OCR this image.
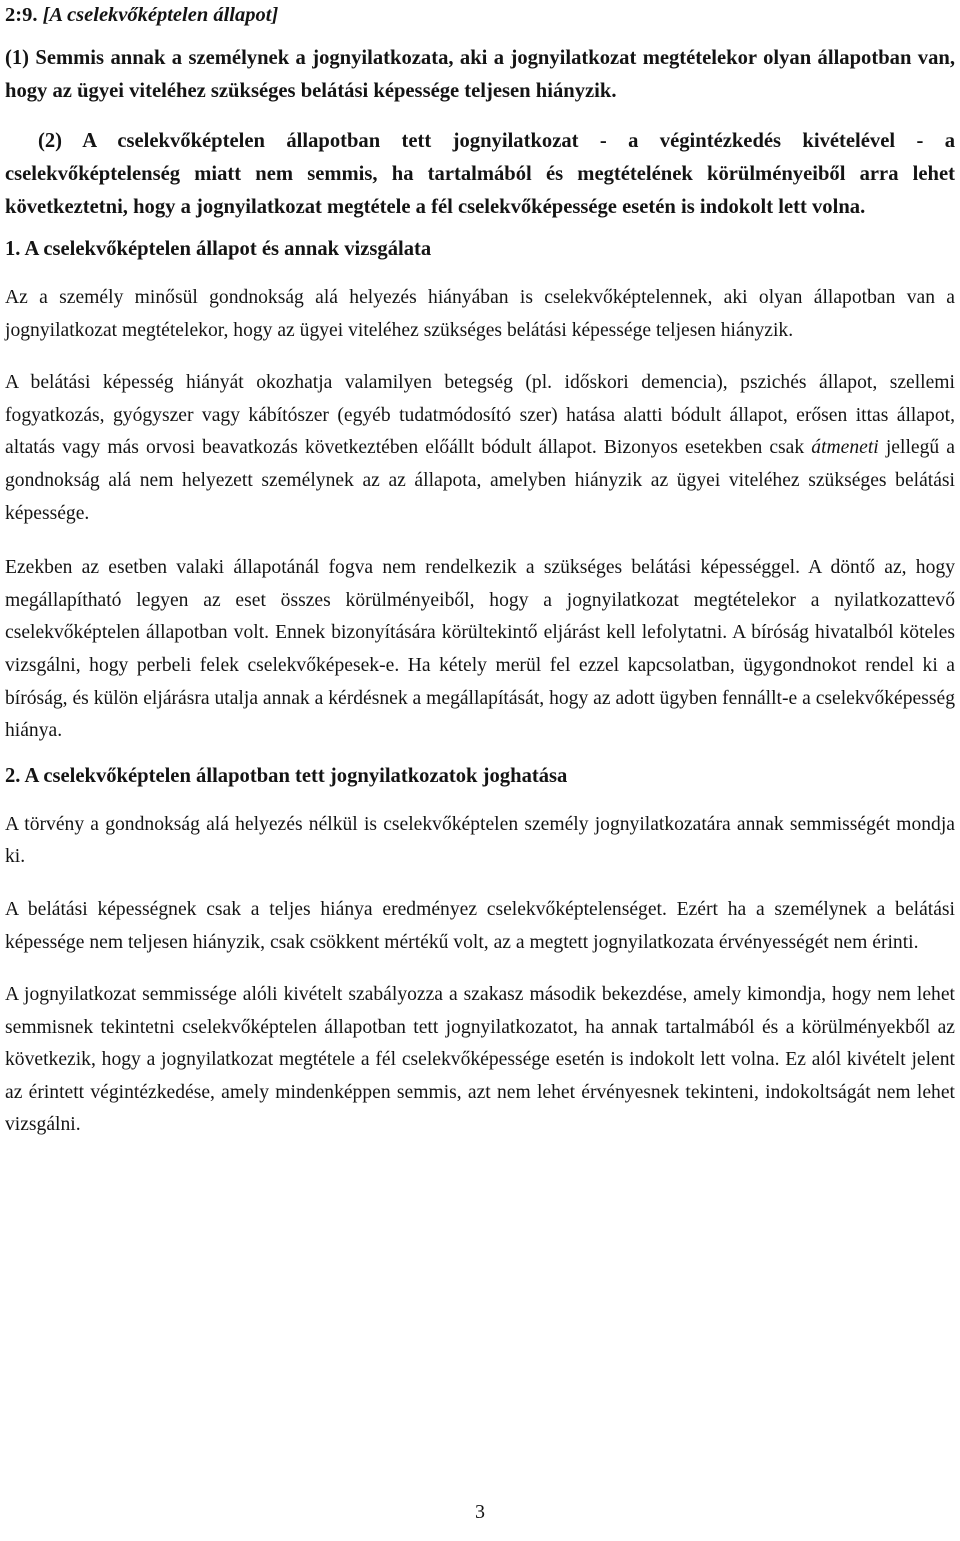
2:9. [A cselekvőképtelen állapot]

(1) Semmis annak a személynek a jognyilatkozata, aki a jognyilatkozat megtételekor olyan állapotban van, hogy az ügyei viteléhez szükséges belátási képessége teljesen hiányzik.

(2) A cselekvőképtelen állapotban tett jognyilatkozat - a végintézkedés kivételével - a cselekvőképtelenség miatt nem semmis, ha tartalmából és megtételének körülményeiből arra lehet következtetni, hogy a jognyilatkozat megtétele a fél cselekvőképessége esetén is indokolt lett volna.

1. A cselekvőképtelen állapot és annak vizsgálata

Az a személy minősül gondnokság alá helyezés hiányában is cselekvőképtelennek, aki olyan állapotban van a jognyilatkozat megtételekor, hogy az ügyei viteléhez szükséges belátási képessége teljesen hiányzik.

A belátási képesség hiányát okozhatja valamilyen betegség (pl. időskori demencia), pszichés állapot, szellemi fogyatkozás, gyógyszer vagy kábítószer (egyéb tudatmódosító szer) hatása alatti bódult állapot, erősen ittas állapot, altatás vagy más orvosi beavatkozás következtében előállt bódult állapot. Bizonyos esetekben csak átmeneti jellegű a gondnokság alá nem helyezett személynek az az állapota, amelyben hiányzik az ügyei viteléhez szükséges belátási képessége.

Ezekben az esetben valaki állapotánál fogva nem rendelkezik a szükséges belátási képességgel. A döntő az, hogy megállapítható legyen az eset összes körülményeiből, hogy a jognyilatkozat megtételekor a nyilatkozattevő cselekvőképtelen állapotban volt. Ennek bizonyítására körültekintő eljárást kell lefolytatni. A bíróság hivatalból köteles vizsgálni, hogy perbeli felek cselekvőképesek-e. Ha kétely merül fel ezzel kapcsolatban, ügygondnokot rendel ki a bíróság, és külön eljárásra utalja annak a kérdésnek a megállapítását, hogy az adott ügyben fennállt-e a cselekvőképesség hiánya.

2. A cselekvőképtelen állapotban tett jognyilatkozatok joghatása

A törvény a gondnokság alá helyezés nélkül is cselekvőképtelen személy jognyilatkozatára annak semmisségét mondja ki.

A belátási képességnek csak a teljes hiánya eredményez cselekvőképtelenséget. Ezért ha a személynek a belátási képessége nem teljesen hiányzik, csak csökkent mértékű volt, az a megtett jognyilatkozata érvényességét nem érinti.

A jognyilatkozat semmissége alóli kivételt szabályozza a szakasz második bekezdése, amely kimondja, hogy nem lehet semmisnek tekintetni cselekvőképtelen állapotban tett jognyilatkozatot, ha annak tartalmából és a körülményekből az következik, hogy a jognyilatkozat megtétele a fél cselekvőképessége esetén is indokolt lett volna. Ez alól kivételt jelent az érintett végintézkedése, amely mindenképpen semmis, azt nem lehet érvényesnek tekinteni, indokoltságát nem lehet vizsgálni.

3
